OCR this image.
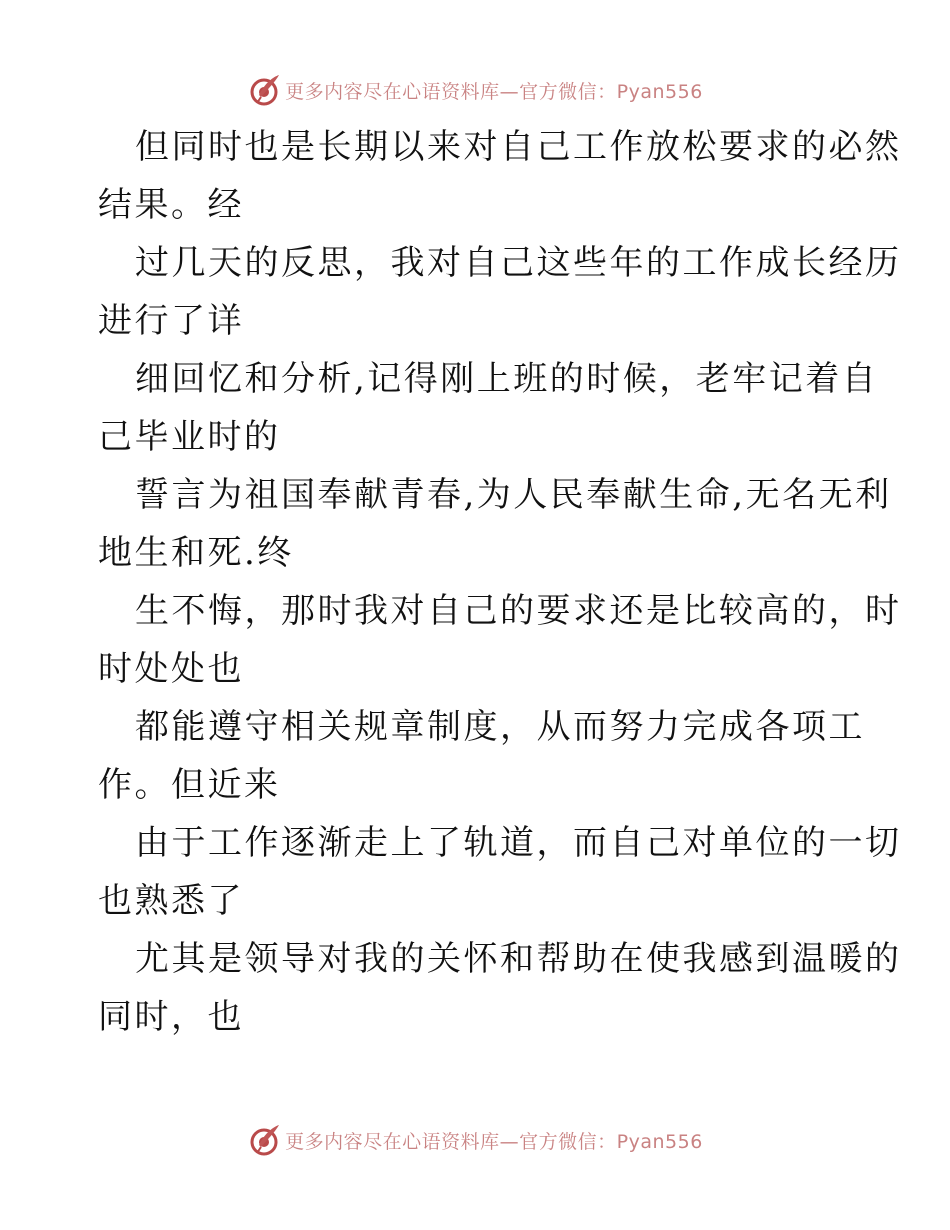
更多内容尽在心语资料库—官方微信：Pyan556
但同时也是长期以来对自己工作放松要求的必然
结果。经
过几天的反思，我对自己这些年的工作成长经历
进行了详
细回忆和分析,记得刚上班的时候，老牢记着自
己毕业时的
誓言为祖国奉献青春,为人民奉献生命,无名无利
地生和死.终
生不悔，那时我对自己的要求还是比较高的，时
时处处也
都能遵守相关规章制度，从而努力完成各项工
作。但近来
由于工作逐渐走上了轨道，而自己对单位的一切
也熟悉了
尤其是领导对我的关怀和帮助在使我感到温暖的
同时，也
更多内容尽在心语资料库—官方微信：Pyan556
